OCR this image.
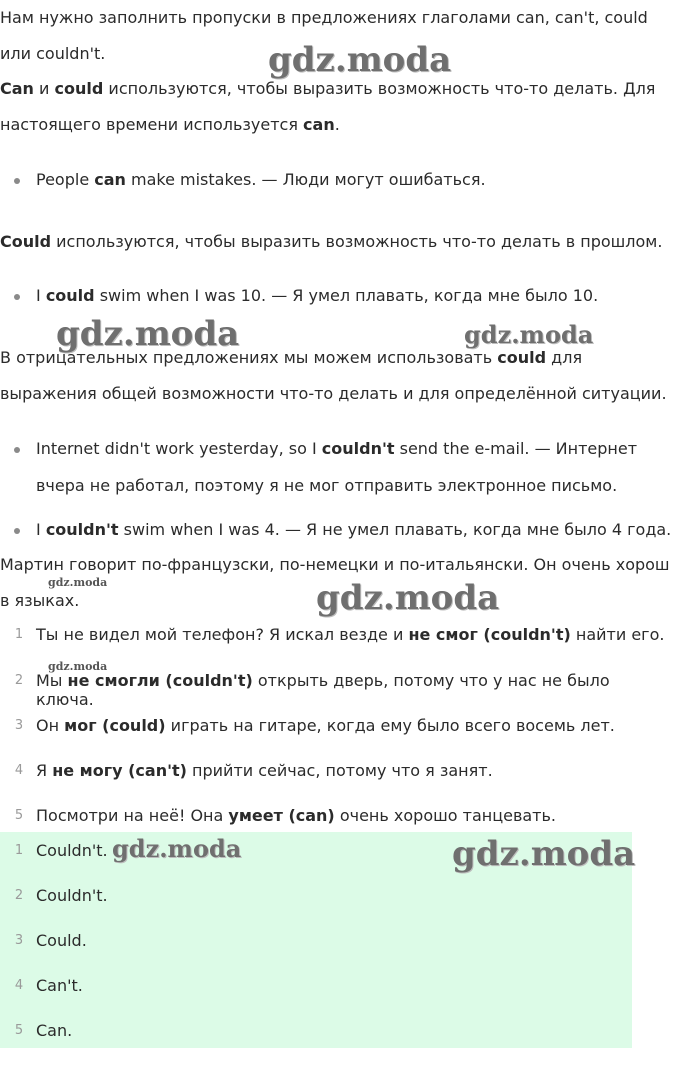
Нам нужно заполнить пропуски в предложениях глаголами can, can't, could
или couldn't.
Can и could используются, чтобы выразить возможность что-то делать. Для
настоящего времени используется can.
People can make mistakes. — Люди могут ошибаться.
Could используются, чтобы выразить возможность что-то делать в прошлом.
I could swim when I was 10. — Я умел плавать, когда мне было 10.
В отрицательных предложениях мы можем использовать could для
выражения общей возможности что-то делать и для определённой ситуации.
Internet didn't work yesterday, so I couldn't send the e-mail. — Интернет
вчера не работал, поэтому я не мог отправить электронное письмо.
I couldn't swim when I was 4. — Я не умел плавать, когда мне было 4 года.
Мартин говорит по-французски, по-немецки и по-итальянски. Он очень хорош
в языках.
1 Ты не видел мой телефон? Я искал везде и не смог (couldn't) найти его.
2 Мы не смогли (couldn't) открыть дверь, потому что у нас не было ключа.
3 Он мог (could) играть на гитаре, когда ему было всего восемь лет.
4 Я не могу (can't) прийти сейчас, потому что я занят.
5 Посмотри на неё! Она умеет (can) очень хорошо танцевать.
1 Couldn't.
2 Couldn't.
3 Could.
4 Can't.
5 Can.
gdz.moda
gdz.moda	gdz.moda
gdz.moda	gdz.moda
gdz.moda
gdz.moda	gdz.moda
